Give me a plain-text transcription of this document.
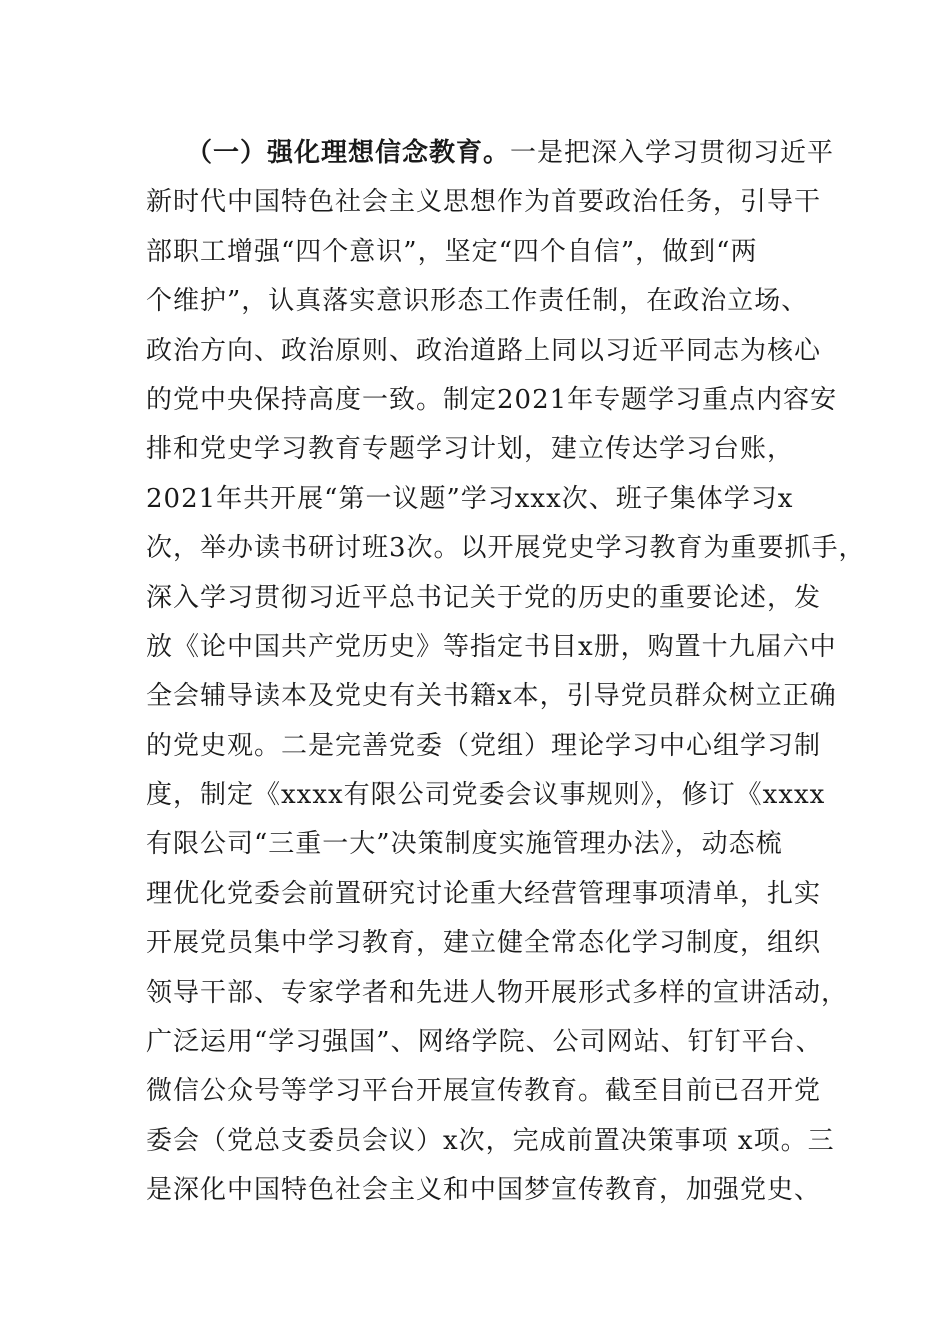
（一）强化理想信念教育。一是把深入学习贯彻习近平
新时代中国特色社会主义思想作为首要政治任务，引导干
部职工增强“四个意识”，坚定“四个自信”，做到“两
个维护”，认真落实意识形态工作责任制，在政治立场、
政治方向、政治原则、政治道路上同以习近平同志为核心
的党中央保持高度一致。制定2021年专题学习重点内容安
排和党史学习教育专题学习计划，建立传达学习台账，
2021年共开展“第一议题”学习xxx次、班子集体学习x
次，举办读书研讨班3次。以开展党史学习教育为重要抓手，
深入学习贯彻习近平总书记关于党的历史的重要论述，发
放《论中国共产党历史》等指定书目x册，购置十九届六中
全会辅导读本及党史有关书籍x本，引导党员群众树立正确
的党史观。二是完善党委（党组）理论学习中心组学习制
度，制定《xxxx有限公司党委会议事规则》，修订《xxxx
有限公司“三重一大”决策制度实施管理办法》，动态梳
理优化党委会前置研究讨论重大经营管理事项清单，扎实
开展党员集中学习教育，建立健全常态化学习制度，组织
领导干部、专家学者和先进人物开展形式多样的宣讲活动，
广泛运用“学习强国”、网络学院、公司网站、钉钉平台、
微信公众号等学习平台开展宣传教育。截至目前已召开党
委会（党总支委员会议）x次，完成前置决策事项 x项。三
是深化中国特色社会主义和中国梦宣传教育，加强党史、
